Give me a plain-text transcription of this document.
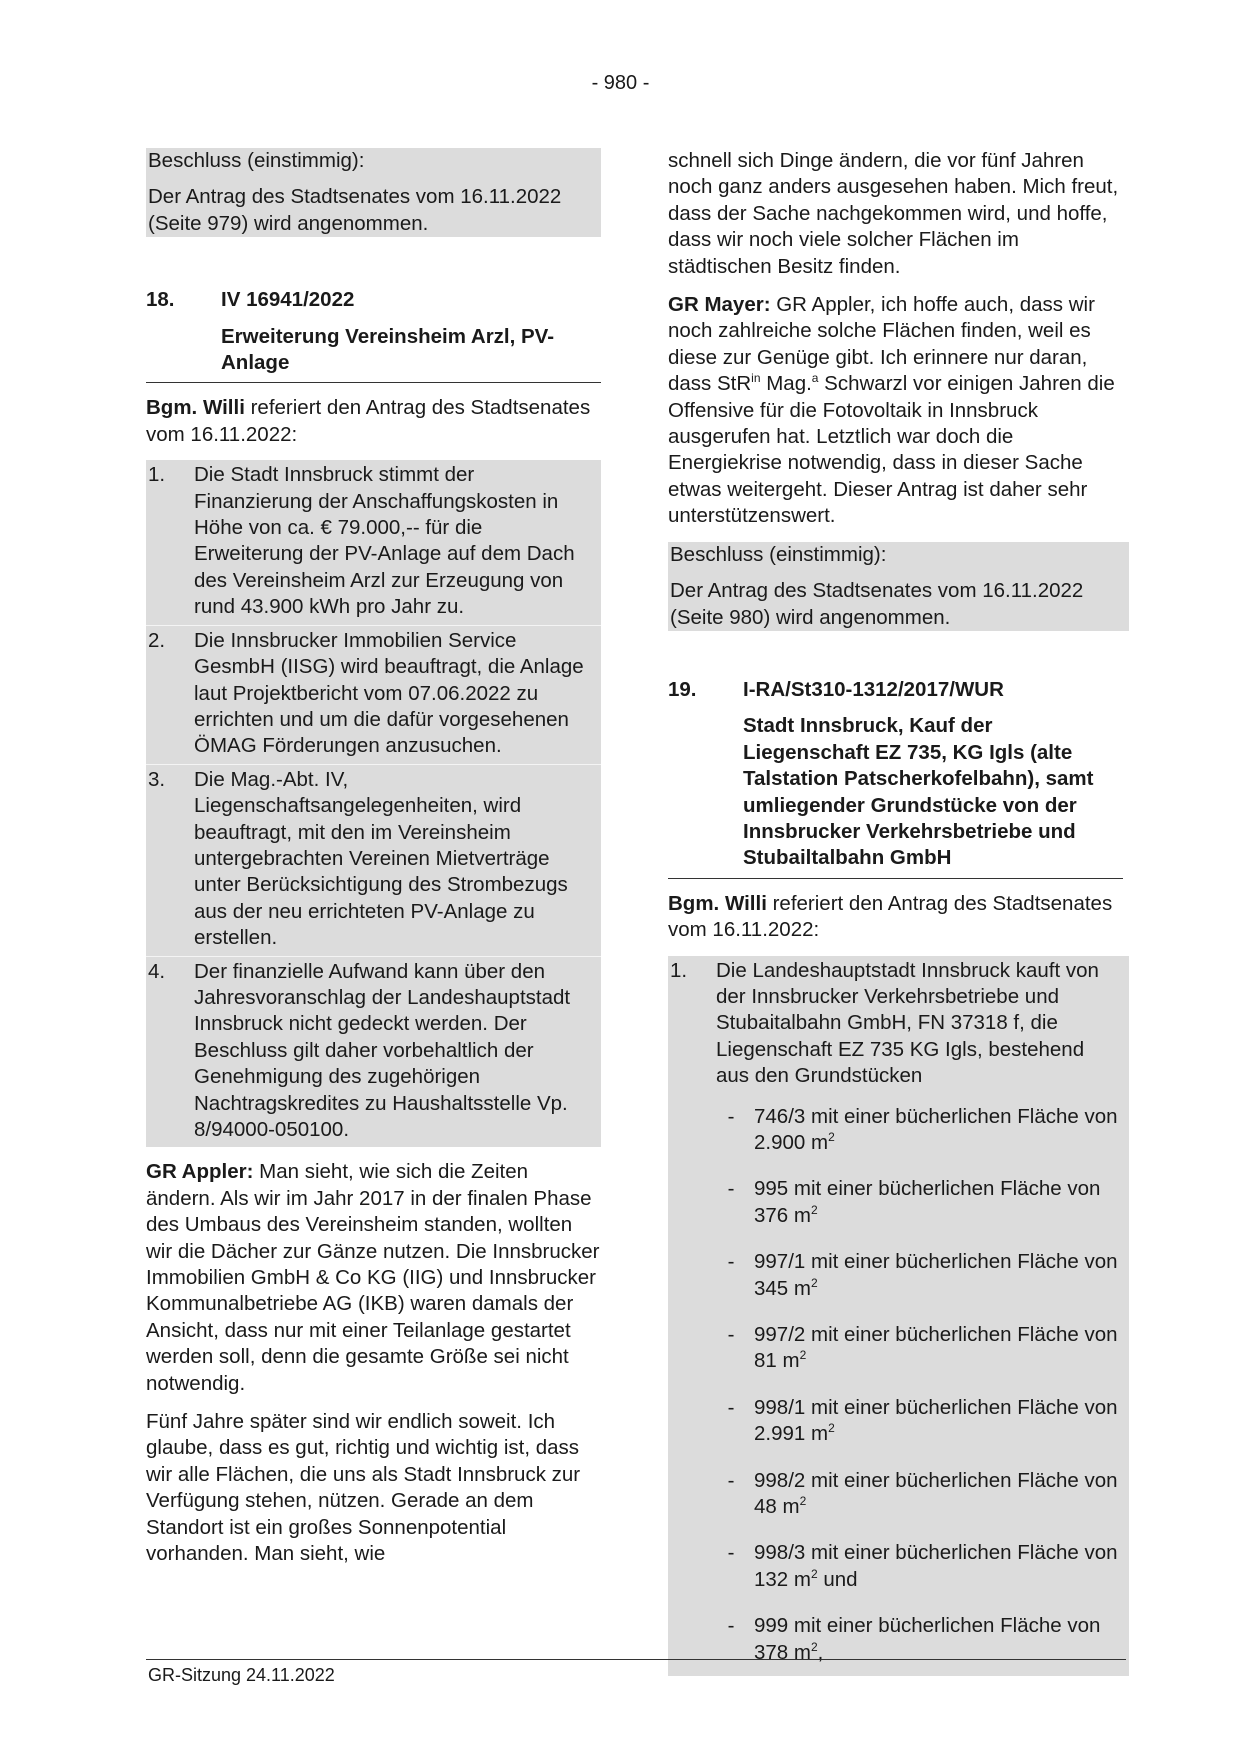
- 980 -

Beschluss (einstimmig):

Der Antrag des Stadtsenates vom 16.11.2022 (Seite 979) wird angenommen.

18.	IV 16941/2022
Erweiterung Vereinsheim Arzl, PV-Anlage

Bgm. Willi referiert den Antrag des Stadtsenates vom 16.11.2022:

1.	Die Stadt Innsbruck stimmt der Finanzierung der Anschaffungskosten in Höhe von ca. € 79.000,-- für die Erweiterung der PV-Anlage auf dem Dach des Vereinsheim Arzl zur Erzeugung von rund 43.900 kWh pro Jahr zu.
2.	Die Innsbrucker Immobilien Service GesmbH (IISG) wird beauftragt, die Anlage laut Projektbericht vom 07.06.2022 zu errichten und um die dafür vorgesehenen ÖMAG Förderungen anzusuchen.
3.	Die Mag.-Abt. IV, Liegenschaftsangelegenheiten, wird beauftragt, mit den im Vereinsheim untergebrachten Vereinen Mietverträge unter Berücksichtigung des Strombezugs aus der neu errichteten PV-Anlage zu erstellen.
4.	Der finanzielle Aufwand kann über den Jahresvoranschlag der Landeshauptstadt Innsbruck nicht gedeckt werden. Der Beschluss gilt daher vorbehaltlich der Genehmigung des zugehörigen Nachtragskredites zu Haushaltsstelle Vp. 8/94000-050100.

GR Appler: Man sieht, wie sich die Zeiten ändern. Als wir im Jahr 2017 in der finalen Phase des Umbaus des Vereinsheim standen, wollten wir die Dächer zur Gänze nutzen. Die Innsbrucker Immobilien GmbH & Co KG (IIG) und Innsbrucker Kommunalbetriebe AG (IKB) waren damals der Ansicht, dass nur mit einer Teilanlage gestartet werden soll, denn die gesamte Größe sei nicht notwendig.

Fünf Jahre später sind wir endlich soweit. Ich glaube, dass es gut, richtig und wichtig ist, dass wir alle Flächen, die uns als Stadt Innsbruck zur Verfügung stehen, nützen. Gerade an dem Standort ist ein großes Sonnenpotential vorhanden. Man sieht, wie

schnell sich Dinge ändern, die vor fünf Jahren noch ganz anders ausgesehen haben. Mich freut, dass der Sache nachgekommen wird, und hoffe, dass wir noch viele solcher Flächen im städtischen Besitz finden.

GR Mayer: GR Appler, ich hoffe auch, dass wir noch zahlreiche solche Flächen finden, weil es diese zur Genüge gibt. Ich erinnere nur daran, dass StR$^{in}$ Mag.$^a$ Schwarzl vor einigen Jahren die Offensive für die Fotovoltaik in Innsbruck ausgerufen hat. Letztlich war doch die Energiekrise notwendig, dass in dieser Sache etwas weitergeht. Dieser Antrag ist daher sehr unterstützenswert.

Beschluss (einstimmig):

Der Antrag des Stadtsenates vom 16.11.2022 (Seite 980) wird angenommen.

19.	I-RA/St310-1312/2017/WUR
Stadt Innsbruck, Kauf der Liegenschaft EZ 735, KG Igls (alte Talstation Patscherkofelbahn), samt umliegender Grundstücke von der Innsbrucker Verkehrsbetriebe und Stubailtalbahn GmbH

Bgm. Willi referiert den Antrag des Stadtsenates vom 16.11.2022:

1.	Die Landeshauptstadt Innsbruck kauft von der Innsbrucker Verkehrsbetriebe und Stubaitalbahn GmbH, FN 37318 f, die Liegenschaft EZ 735 KG Igls, bestehend aus den Grundstücken
- 746/3 mit einer bücherlichen Fläche von 2.900 $m^2$
- 995 mit einer bücherlichen Fläche von 376 $m^2$
- 997/1 mit einer bücherlichen Fläche von 345 $m^2$
- 997/2 mit einer bücherlichen Fläche von 81 $m^2$
- 998/1 mit einer bücherlichen Fläche von 2.991 $m^2$
- 998/2 mit einer bücherlichen Fläche von 48 $m^2$
- 998/3 mit einer bücherlichen Fläche von 132 $m^2$ und
- 999 mit einer bücherlichen Fläche von 378 $m^2$,
GR-Sitzung 24.11.2022
